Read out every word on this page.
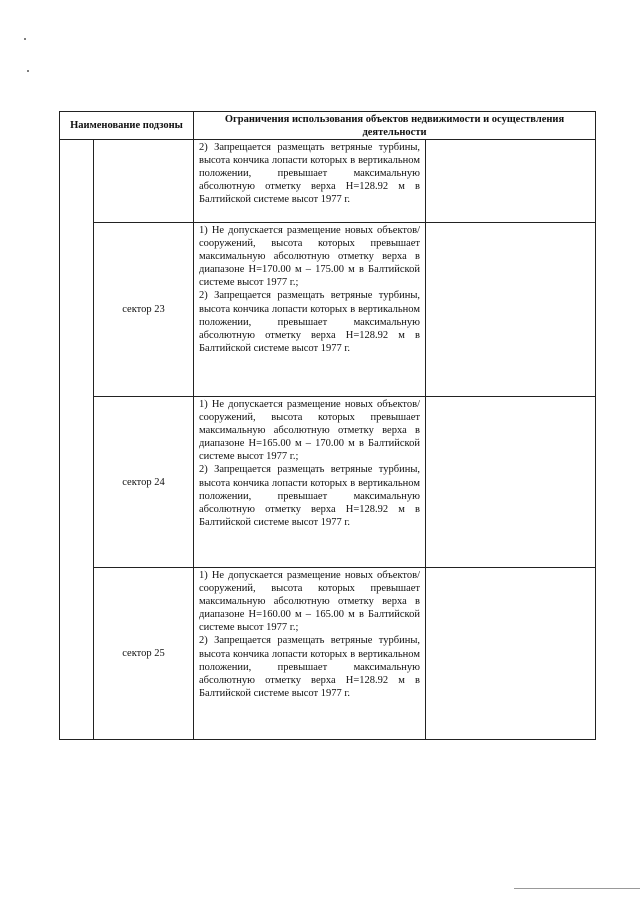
Наименование подзоны		Ограничения использования объектов недвижимости и осуществления деятельности	

		2) Запрещается размещать ветряные турбины, высота кончика лопасти которых в вертикальном положении, превышает максимальную абсолютную отметку верха H=128.92 м в Балтийской системе высот 1977 г.	

	сектор 23	1) Не допускается размещение новых объектов/сооружений, высота которых превышает максимальную абсолютную отметку верха в диапазоне H=170.00 м – 175.00 м в Балтийской системе высот 1977 г.;

2) Запрещается размещать ветряные турбины, высота кончика лопасти которых в вертикальном положении, превышает максимальную абсолютную отметку верха H=128.92 м в Балтийской системе высот 1977 г.	

	сектор 24	1) Не допускается размещение новых объектов/сооружений, высота которых превышает максимальную абсолютную отметку верха в диапазоне H=165.00 м – 170.00 м в Балтийской системе высот 1977 г.;

2) Запрещается размещать ветряные турбины, высота кончика лопасти которых в вертикальном положении, превышает максимальную абсолютную отметку верха H=128.92 м в Балтийской системе высот 1977 г.	

	сектор 25	1) Не допускается размещение новых объектов/сооружений, высота которых превышает максимальную абсолютную отметку верха в диапазоне H=160.00 м – 165.00 м в Балтийской системе высот 1977 г.;

2) Запрещается размещать ветряные турбины, высота кончика лопасти которых в вертикальном положении, превышает максимальную абсолютную отметку верха H=128.92 м в Балтийской системе высот 1977 г.	
